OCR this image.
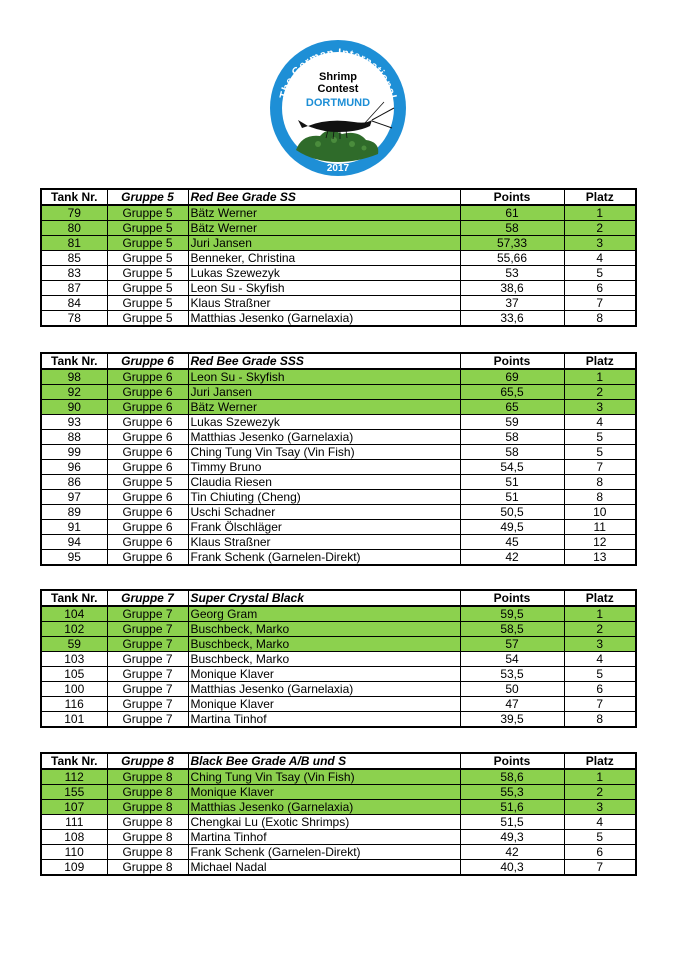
The German International
Shrimp
Contest
DORTMUND
2017
Tank Nr.	Gruppe 5	Red Bee Grade SS	Points	Platz
79	Gruppe 5	Bätz Werner	61	1
80	Gruppe 5	Bätz Werner	58	2
81	Gruppe 5	Juri Jansen	57,33	3
85	Gruppe 5	Benneker, Christina	55,66	4
83	Gruppe 5	Lukas Szewezyk	53	5
87	Gruppe 5	Leon Su - Skyfish	38,6	6
84	Gruppe 5	Klaus Straßner	37	7
78	Gruppe 5	Matthias Jesenko (Garnelaxia)	33,6	8
Tank Nr.	Gruppe 6	Red Bee Grade SSS	Points	Platz
98	Gruppe 6	Leon Su - Skyfish	69	1
92	Gruppe 6	Juri Jansen	65,5	2
90	Gruppe 6	Bätz Werner	65	3
93	Gruppe 6	Lukas Szewezyk	59	4
88	Gruppe 6	Matthias Jesenko (Garnelaxia)	58	5
99	Gruppe 6	Ching Tung Vin Tsay (Vin Fish)	58	5
96	Gruppe 6	Timmy Bruno	54,5	7
86	Gruppe 5	Claudia Riesen	51	8
97	Gruppe 6	Tin Chiuting (Cheng)	51	8
89	Gruppe 6	Uschi Schadner	50,5	10
91	Gruppe 6	Frank Ölschläger	49,5	11
94	Gruppe 6	Klaus Straßner	45	12
95	Gruppe 6	Frank Schenk (Garnelen-Direkt)	42	13
Tank Nr.	Gruppe 7	Super Crystal Black	Points	Platz
104	Gruppe 7	Georg Gram	59,5	1
102	Gruppe 7	Buschbeck, Marko	58,5	2
59	Gruppe 7	Buschbeck, Marko	57	3
103	Gruppe 7	Buschbeck, Marko	54	4
105	Gruppe 7	Monique Klaver	53,5	5
100	Gruppe 7	Matthias Jesenko (Garnelaxia)	50	6
116	Gruppe 7	Monique Klaver	47	7
101	Gruppe 7	Martina Tinhof	39,5	8
Tank Nr.	Gruppe 8	Black Bee Grade A/B und S	Points	Platz
112	Gruppe 8	Ching Tung Vin Tsay (Vin Fish)	58,6	1
155	Gruppe 8	Monique Klaver	55,3	2
107	Gruppe 8	Matthias Jesenko (Garnelaxia)	51,6	3
111	Gruppe 8	Chengkai Lu (Exotic Shrimps)	51,5	4
108	Gruppe 8	Martina Tinhof	49,3	5
110	Gruppe 8	Frank Schenk (Garnelen-Direkt)	42	6
109	Gruppe 8	Michael Nadal	40,3	7
